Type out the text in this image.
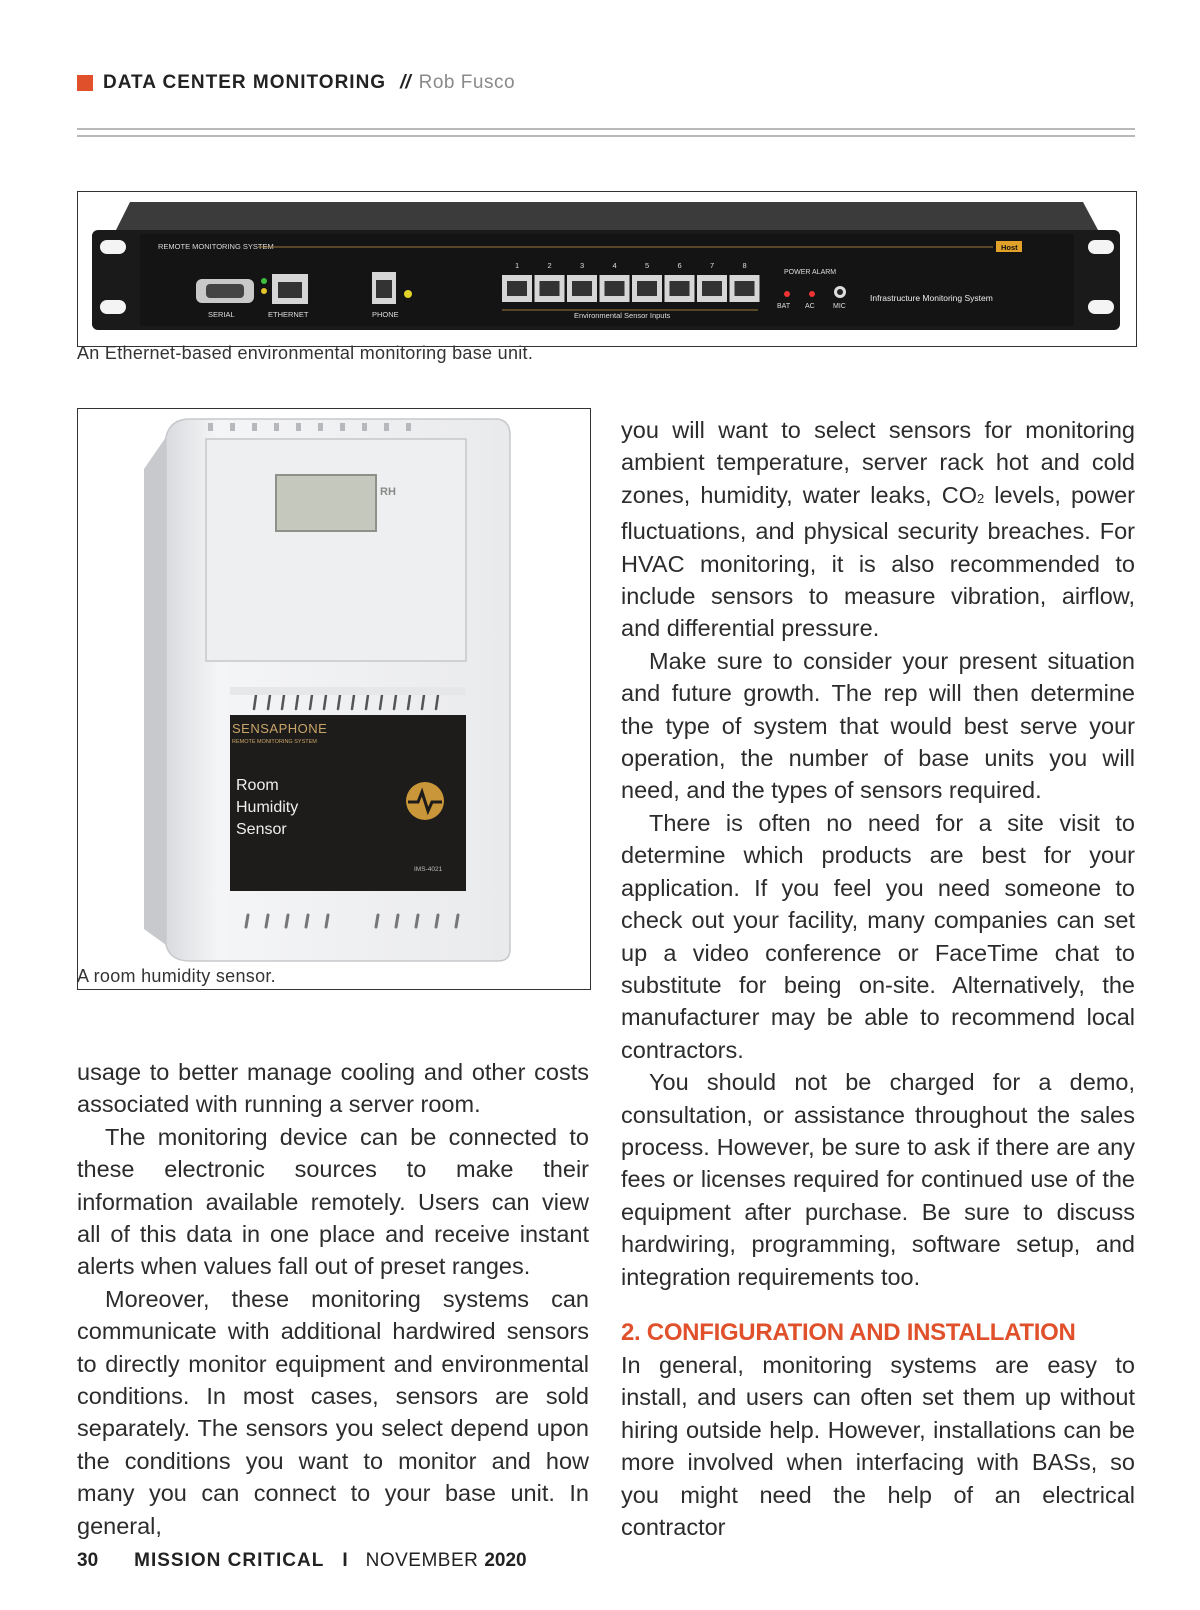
DATA CENTER MONITORING // Rob Fusco
REMOTE MONITORING SYSTEM	Host
SERIAL	ETHERNET	PHONE
1	2	3	4	5	6	7	8
Environmental Sensor Inputs
POWER ALARM
BAT AC	MIC
Infrastructure Monitoring System
An Ethernet-based environmental monitoring base unit.
RH
SENSAPHONE
REMOTE MONITORING SYSTEM
Room
Humidity
Sensor
IMS-4021
A room humidity sensor.

usage to better manage cooling and other costs associated with running a server room.

The monitoring device can be connected to these electronic sources to make their information available remotely. Users can view all of this data in one place and receive instant alerts when values fall out of preset ranges.

Moreover, these monitoring systems can communicate with additional hardwired sensors to directly monitor equipment and environmental conditions. In most cases, sensors are sold separately. The sensors you select depend upon the conditions you want to monitor and how many you can connect to your base unit. In general,

you will want to select sensors for monitoring ambient temperature, server rack hot and cold zones, humidity, water leaks, CO2 levels, power fluctuations, and physical security breaches. For HVAC monitoring, it is also recommended to include sensors to measure vibration, airflow, and differential pressure.

Make sure to consider your present situation and future growth. The rep will then determine the type of system that would best serve your operation, the number of base units you will need, and the types of sensors required.

There is often no need for a site visit to determine which products are best for your application. If you feel you need someone to check out your facility, many companies can set up a video conference or FaceTime chat to substitute for being on-site. Alternatively, the manufacturer may be able to recommend local contractors.

You should not be charged for a demo, consultation, or assistance throughout the sales process. However, be sure to ask if there are any fees or licenses required for continued use of the equipment after purchase. Be sure to discuss hardwiring, programming, software setup, and integration requirements too.

2. CONFIGURATION AND INSTALLATION

In general, monitoring systems are easy to install, and users can often set them up without hiring outside help. However, installations can be more involved when interfacing with BASs, so you might need the help of an electrical contractor

30 MISSION CRITICAL I NOVEMBER 2020
